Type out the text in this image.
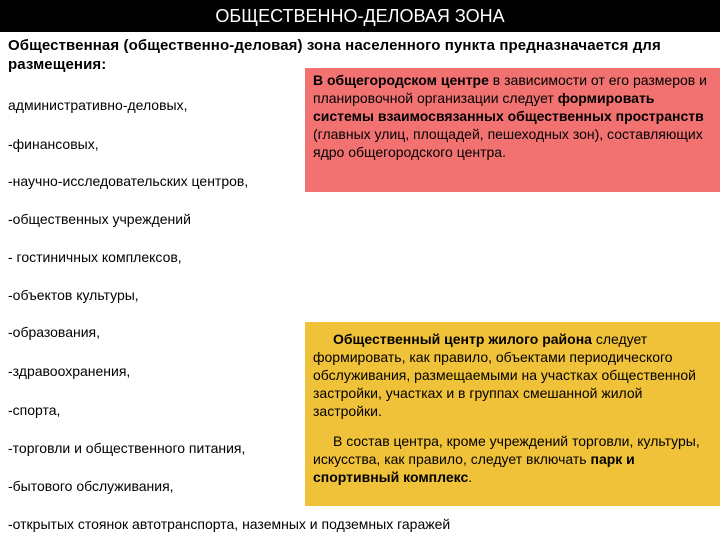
ОБЩЕСТВЕННО-ДЕЛОВАЯ ЗОНА
Общественная (общественно-деловая) зона населенного пункта предназначается для размещения:
административно-деловых,
-финансовых,
-научно-исследовательских центров,
-общественных учреждений
- гостиничных комплексов,
-объектов культуры,
-образования,
-здравоохранения,
-спорта,
-торговли и общественного питания,
-бытового обслуживания,
-открытых стоянок автотранспорта, наземных и подземных гаражей

В общегородском центре в зависимости от его размеров и планировочной организации следует формировать системы взаимосвязанных общественных пространств (главных улиц, площадей, пешеходных зон), составляющих ядро общегородского центра.

Общественный центр жилого района следует формировать, как правило, объектами периодического обслуживания, размещаемыми на участках общественной застройки, участках и в группах смешанной жилой застройки.

В состав центра, кроме учреждений торговли, культуры, искусства, как правило, следует включать парк и спортивный комплекс.
